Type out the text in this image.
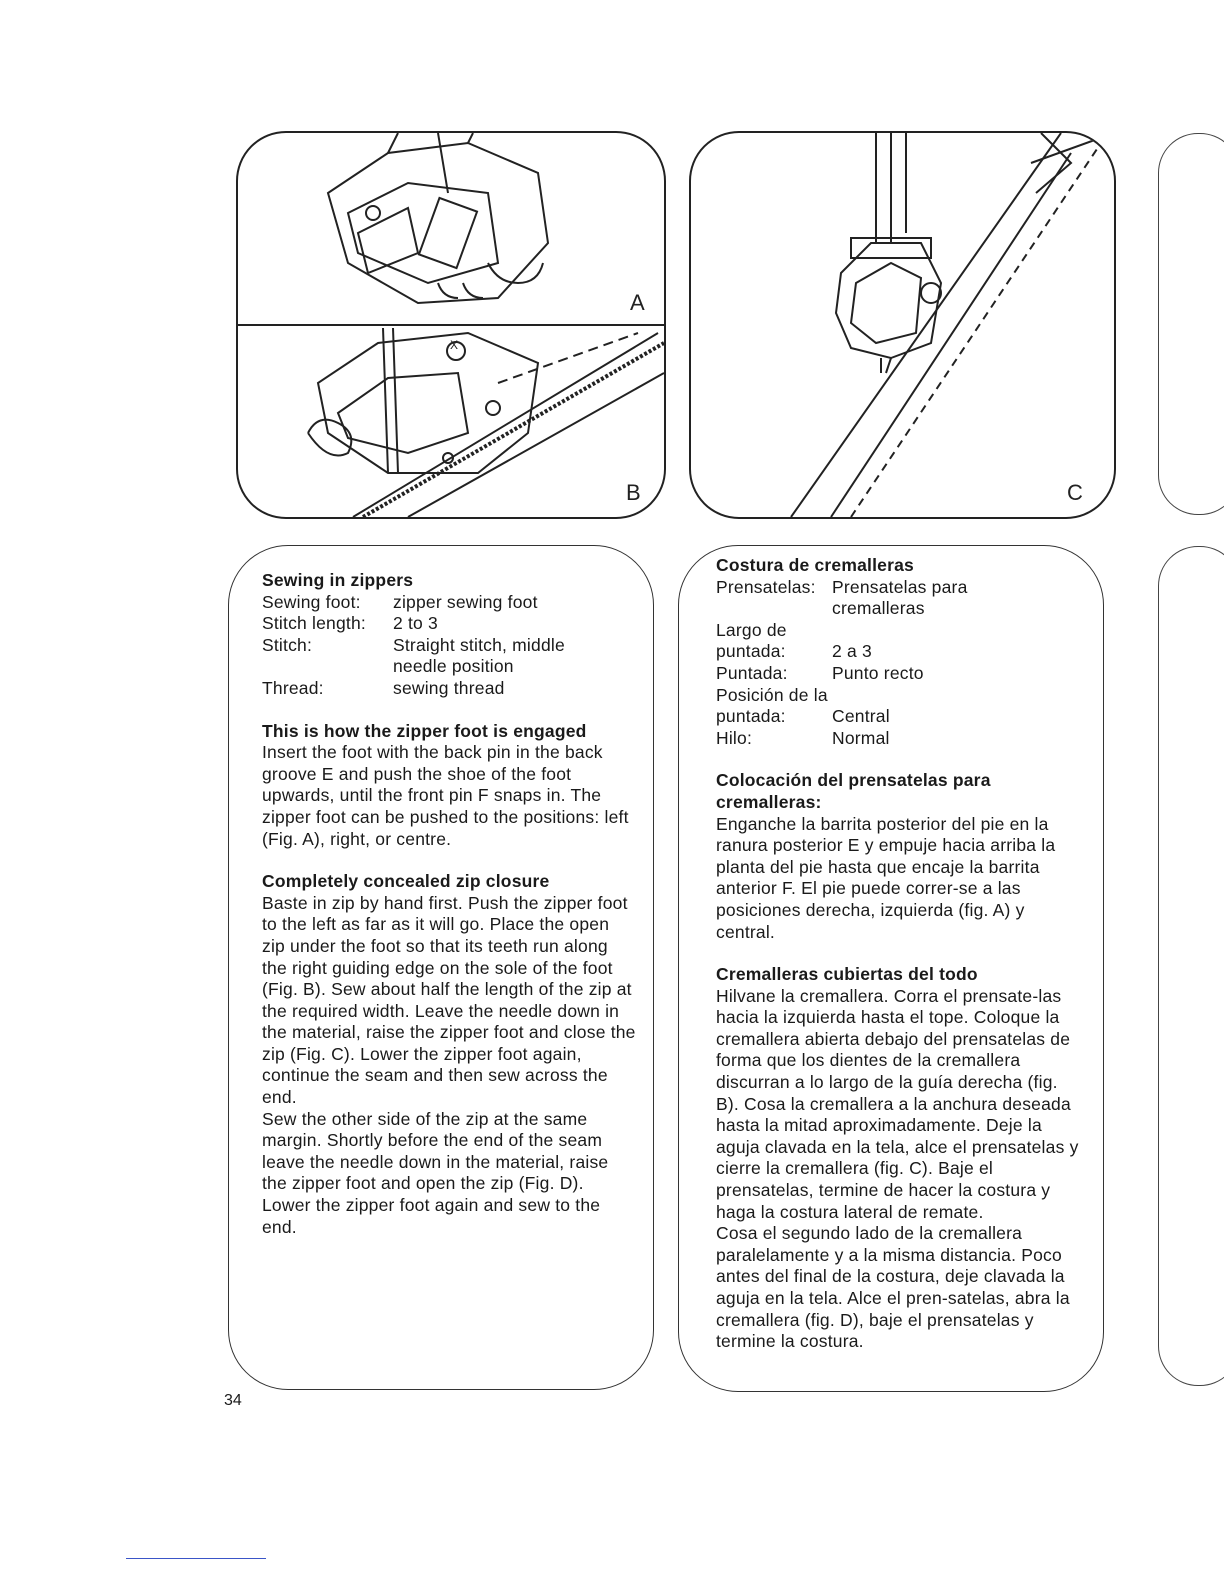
A
B
X
C
Sewing in zippers
Sewing foot:	zipper sewing foot
Stitch length:	2 to 3
Stitch:	Straight stitch, middle needle position
Thread:	sewing thread
This is how the zipper foot is engaged

Insert the foot with the back pin in the back groove E and push the shoe of the foot upwards, until the front pin F snaps in. The zipper foot can be pushed to the positions: left (Fig. A), right, or centre.

Completely concealed zip closure

Baste in zip by hand first. Push the zipper foot to the left as far as it will go. Place the open zip under the foot so that its teeth run along the right guiding edge on the sole of the foot (Fig. B). Sew about half the length of the zip at the required width. Leave the needle down in the material, raise the zipper foot and close the zip (Fig. C). Lower the zipper foot again, continue the seam and then sew across the end.

Sew the other side of the zip at the same margin. Shortly before the end of the seam leave the needle down in the material, raise the zipper foot and open the zip (Fig. D). Lower the zipper foot again and sew to the end.

Costura de cremalleras
Prensatelas: Prensatelas para cremalleras
Largo de puntada:	2 a 3
Puntada:	Punto recto
Posición de la puntada:	Central
Hilo:	Normal
Colocación del prensatelas para cremalleras:

Enganche la barrita posterior del pie en la ranura posterior E y empuje hacia arriba la planta del pie hasta que encaje la barrita anterior F. El pie puede correr-se a las posiciones derecha, izquierda (fig. A) y central.

Cremalleras cubiertas del todo

Hilvane la cremallera. Corra el prensate-las hacia la izquierda hasta el tope. Coloque la cremallera abierta debajo del prensatelas de forma que los dientes de la cremallera discurran a lo largo de la guía derecha (fig. B). Cosa la cremallera a la anchura deseada hasta la mitad aproximadamente. Deje la aguja clavada en la tela, alce el prensatelas y cierre la cremallera (fig. C). Baje el prensatelas, termine de hacer la costura y haga la costura lateral de remate.

Cosa el segundo lado de la cremallera paralelamente y a la misma distancia. Poco antes del final de la costura, deje clavada la aguja en la tela. Alce el pren-satelas, abra la cremallera (fig. D), baje el prensatelas y termine la costura.

34
